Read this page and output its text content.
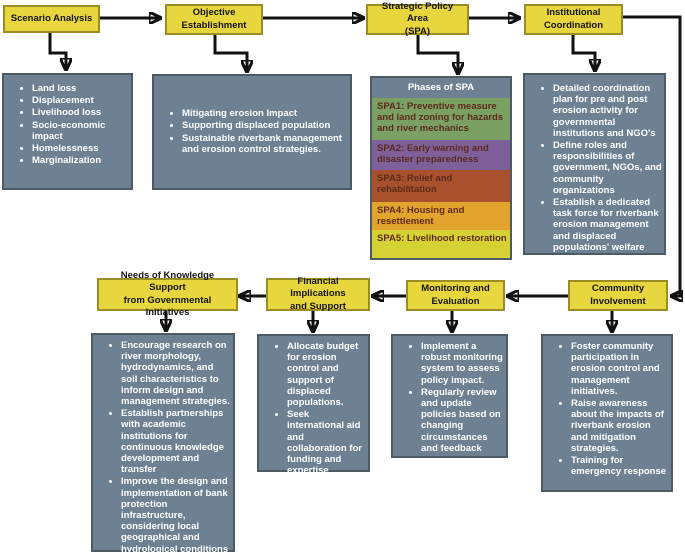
Scenario Analysis
Objective
Establishment
Strategic Policy Area
(SPA)
Institutional
Coordination
Needs of Knowledge Support
from Governmental Initiatives
Financial Implications
and Support
Monitoring and
Evaluation
Community
Involvement
• Land loss
• Displacement
• Livelihood loss
• Socio-economic impact
• Homelessness
• Marginalization
• Mitigating erosion Impact
• Supporting displaced population
• Sustainable riverbank management and erosion control strategies.
Phases of SPA
SPA1: Preventive measure and land zoning for hazards and river mechanics
SPA2: Early warning and disaster preparedness
SPA3: Relief and rehabilitation
SPA4: Housing and resettlement
SPA5: Livelihood restoration
• Detailed coordination plan for pre and post erosion activity for governmental institutions and NGO's
• Define roles and responsibilities of government, NGOs, and community organizations
• Establish a dedicated task force for riverbank erosion management and displaced populations' welfare
• Encourage research on river morphology, hydrodynamics, and soil characteristics to inform design and management strategies.
• Establish partnerships with academic institutions for continuous knowledge development and transfer
• Improve the design and implementation of bank protection infrastructure, considering local geographical and hydrological conditions
• Allocate budget for erosion control and support of displaced populations.
• Seek international aid and collaboration for funding and expertise
• Implement a robust monitoring system to assess policy impact.
• Regularly review and update policies based on changing circumstances and feedback
• Foster community participation in erosion control and management initiatives.
• Raise awareness about the impacts of riverbank erosion and mitigation strategies.
• Training for emergency response
